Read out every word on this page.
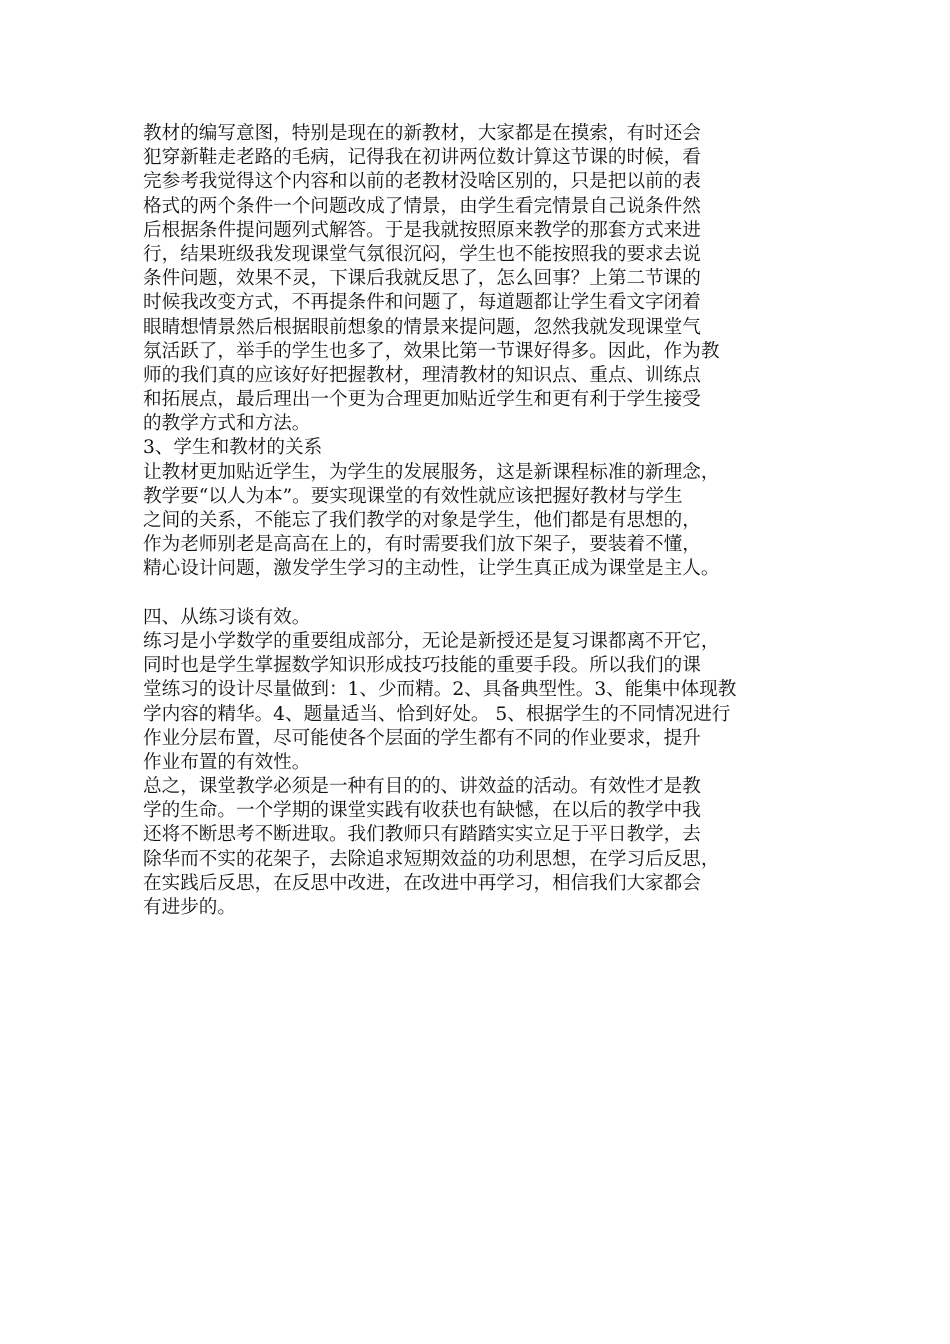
教材的编写意图，特别是现在的新教材，大家都是在摸索，有时还会
犯穿新鞋走老路的毛病，记得我在初讲两位数计算这节课的时候，看
完参考我觉得这个内容和以前的老教材没啥区别的，只是把以前的表
格式的两个条件一个问题改成了情景，由学生看完情景自己说条件然
后根据条件提问题列式解答。于是我就按照原来教学的那套方式来进
行，结果班级我发现课堂气氛很沉闷，学生也不能按照我的要求去说
条件问题，效果不灵，下课后我就反思了，怎么回事？上第二节课的
时候我改变方式，不再提条件和问题了，每道题都让学生看文字闭着
眼睛想情景然后根据眼前想象的情景来提问题，忽然我就发现课堂气
氛活跃了，举手的学生也多了，效果比第一节课好得多。因此，作为教
师的我们真的应该好好把握教材，理清教材的知识点、重点、训练点
和拓展点，最后理出一个更为合理更加贴近学生和更有利于学生接受
的教学方式和方法。
3、学生和教材的关系
让教材更加贴近学生，为学生的发展服务，这是新课程标准的新理念，
教学要“以人为本”。要实现课堂的有效性就应该把握好教材与学生
之间的关系，不能忘了我们教学的对象是学生，他们都是有思想的，
作为老师别老是高高在上的，有时需要我们放下架子，要装着不懂，
精心设计问题，激发学生学习的主动性，让学生真正成为课堂是主人。
四、从练习谈有效。
练习是小学数学的重要组成部分，无论是新授还是复习课都离不开它，
同时也是学生掌握数学知识形成技巧技能的重要手段。所以我们的课
堂练习的设计尽量做到：1、少而精。2、具备典型性。3、能集中体现教
学内容的精华。4、题量适当、恰到好处。 5、根据学生的不同情况进行
作业分层布置，尽可能使各个层面的学生都有不同的作业要求，提升
作业布置的有效性。
总之，课堂教学必须是一种有目的的、讲效益的活动。有效性才是教
学的生命。一个学期的课堂实践有收获也有缺憾，在以后的教学中我
还将不断思考不断进取。我们教师只有踏踏实实立足于平日教学，去
除华而不实的花架子，去除追求短期效益的功利思想，在学习后反思，
在实践后反思，在反思中改进，在改进中再学习，相信我们大家都会
有进步的。
